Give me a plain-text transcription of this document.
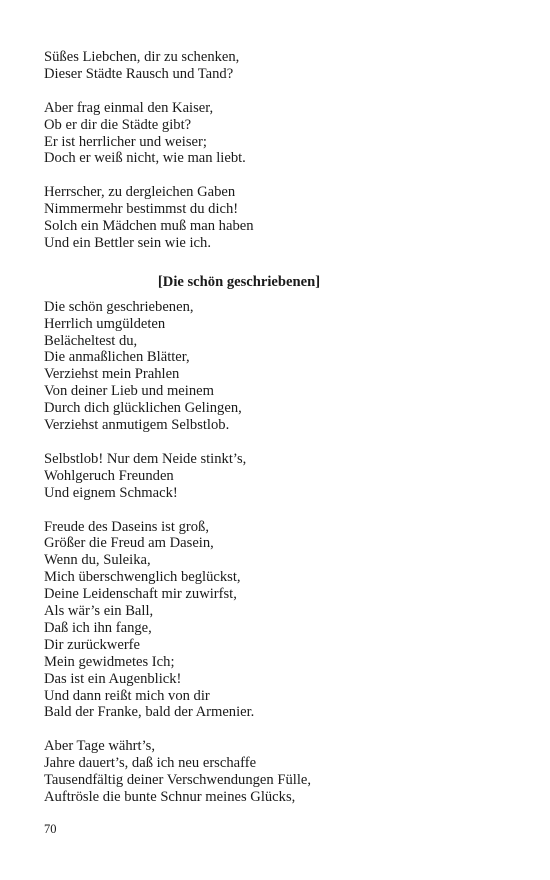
Süßes Liebchen, dir zu schenken,
Dieser Städte Rausch und Tand?
Aber frag einmal den Kaiser,
Ob er dir die Städte gibt?
Er ist herrlicher und weiser;
Doch er weiß nicht, wie man liebt.
Herrscher, zu dergleichen Gaben
Nimmermehr bestimmst du dich!
Solch ein Mädchen muß man haben
Und ein Bettler sein wie ich.
[Die schön geschriebenen]
Die schön geschriebenen,
Herrlich umgüldeten
Belächeltest du,
Die anmaßlichen Blätter,
Verziehst mein Prahlen
Von deiner Lieb und meinem
Durch dich glücklichen Gelingen,
Verziehst anmutigem Selbstlob.
Selbstlob! Nur dem Neide stinkt’s,
Wohlgeruch Freunden
Und eignem Schmack!
Freude des Daseins ist groß,
Größer die Freud am Dasein,
Wenn du, Suleika,
Mich überschwenglich beglückst,
Deine Leidenschaft mir zuwirfst,
Als wär’s ein Ball,
Daß ich ihn fange,
Dir zurückwerfe
Mein gewidmetes Ich;
Das ist ein Augenblick!
Und dann reißt mich von dir
Bald der Franke, bald der Armenier.
Aber Tage währt’s,
Jahre dauert’s, daß ich neu erschaffe
Tausendfältig deiner Verschwendungen Fülle,
Auftrösle die bunte Schnur meines Glücks,
70
